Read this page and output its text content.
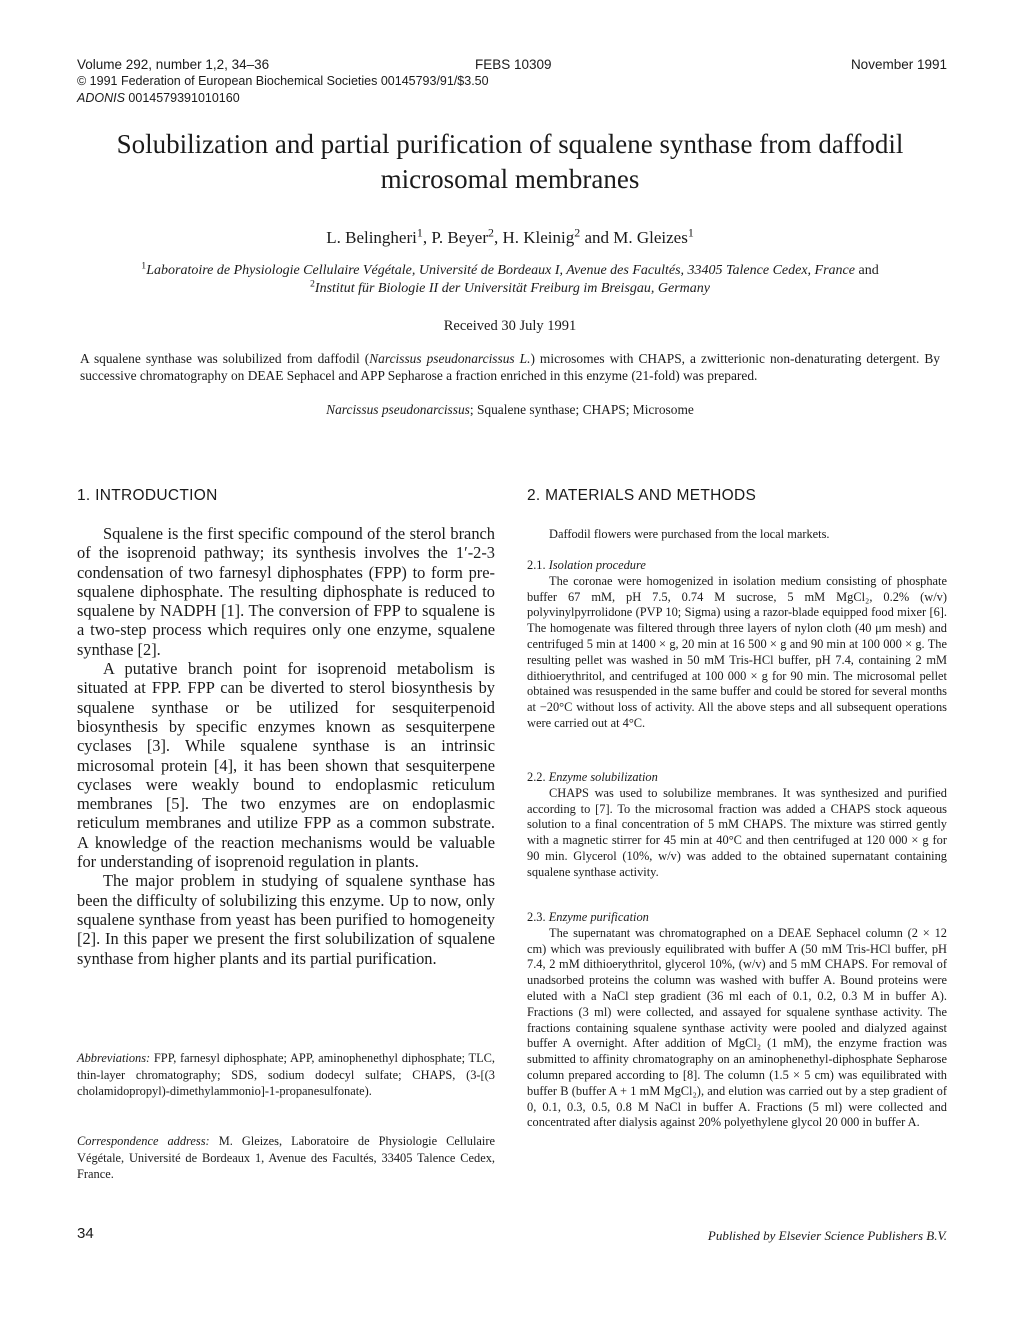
Volume 292, number 1,2, 34–36	FEBS 10309	November 1991
© 1991 Federation of European Biochemical Societies 00145793/91/$3.50
ADONIS 0014579391010160
Solubilization and partial purification of squalene synthase from daffodil microsomal membranes
L. Belingheri$^1$, P. Beyer$^2$, H. Kleinig$^2$ and M. Gleizes$^1$
$^1$Laboratoire de Physiologie Cellulaire Végétale, Université de Bordeaux I, Avenue des Facultés, 33405 Talence Cedex, France and
$^2$Institut für Biologie II der Universität Freiburg im Breisgau, Germany
Received 30 July 1991
A squalene synthase was solubilized from daffodil (Narcissus pseudonarcissus L.) microsomes with CHAPS, a zwitterionic non-denaturating detergent. By successive chromatography on DEAE Sephacel and APP Sepharose a fraction enriched in this enzyme (21-fold) was prepared.
Narcissus pseudonarcissus; Squalene synthase; CHAPS; Microsome
1. INTRODUCTION	2. MATERIALS AND METHODS

Squalene is the first specific compound of the sterol branch of the isoprenoid pathway; its synthesis involves the 1′-2-3 condensation of two farnesyl diphosphates (FPP) to form pre-squalene diphosphate. The resulting diphosphate is reduced to squalene by NADPH [1]. The conversion of FPP to squalene is a two-step process which requires only one enzyme, squalene synthase [2].

A putative branch point for isoprenoid metabolism is situated at FPP. FPP can be diverted to sterol biosynthesis by squalene synthase or be utilized for sesquiterpenoid biosynthesis by specific enzymes known as sesquiterpene cyclases [3]. While squalene synthase is an intrinsic microsomal protein [4], it has been shown that sesquiterpene cyclases were weakly bound to endoplasmic reticulum membranes [5]. The two enzymes are on endoplasmic reticulum membranes and utilize FPP as a common substrate. A knowledge of the reaction mechanisms would be valuable for understanding of isoprenoid regulation in plants.

The major problem in studying of squalene synthase has been the difficulty of solubilizing this enzyme. Up to now, only squalene synthase from yeast has been purified to homogeneity [2]. In this paper we present the first solubilization of squalene synthase from higher plants and its partial purification.

Abbreviations: FPP, farnesyl diphosphate; APP, aminophenethyl diphosphate; TLC, thin-layer chromatography; SDS, sodium dodecyl sulfate; CHAPS, (3-[(3 cholamidopropyl)-dimethylammonio]-1-propanesulfonate).
Correspondence address: M. Gleizes, Laboratoire de Physiologie Cellulaire Végétale, Université de Bordeaux 1, Avenue des Facultés, 33405 Talence Cedex, France.

Daffodil flowers were purchased from the local markets.

2.1. Isolation procedure

The coronae were homogenized in isolation medium consisting of phosphate buffer 67 mM, pH 7.5, 0.74 M sucrose, 5 mM MgCl₂, 0.2% (w/v) polyvinylpyrrolidone (PVP 10; Sigma) using a razor-blade equipped food mixer [6]. The homogenate was filtered through three layers of nylon cloth (40 μm mesh) and centrifuged 5 min at 1400 × g, 20 min at 16 500 × g and 90 min at 100 000 × g. The resulting pellet was washed in 50 mM Tris-HCl buffer, pH 7.4, containing 2 mM dithioerythritol, and centrifuged at 100 000 × g for 90 min. The microsomal pellet obtained was resuspended in the same buffer and could be stored for several months at −20°C without loss of activity. All the above steps and all subsequent operations were carried out at 4°C.

2.2. Enzyme solubilization

CHAPS was used to solubilize membranes. It was synthesized and purified according to [7]. To the microsomal fraction was added a CHAPS stock aqueous solution to a final concentration of 5 mM CHAPS. The mixture was stirred gently with a magnetic stirrer for 45 min at 40°C and then centrifuged at 120 000 × g for 90 min. Glycerol (10%, w/v) was added to the obtained supernatant containing squalene synthase activity.

2.3. Enzyme purification

The supernatant was chromatographed on a DEAE Sephacel column (2 × 12 cm) which was previously equilibrated with buffer A (50 mM Tris-HCl buffer, pH 7.4, 2 mM dithioerythritol, glycerol 10%, (w/v) and 5 mM CHAPS. For removal of unadsorbed proteins the column was washed with buffer A. Bound proteins were eluted with a NaCl step gradient (36 ml each of 0.1, 0.2, 0.3 M in buffer A). Fractions (3 ml) were collected, and assayed for squalene synthase activity. The fractions containing squalene synthase activity were pooled and dialyzed against buffer A overnight. After addition of MgCl₂ (1 mM), the enzyme fraction was submitted to affinity chromatography on an aminophenethyl-diphosphate Sepharose column prepared according to [8]. The column (1.5 × 5 cm) was equilibrated with buffer B (buffer A + 1 mM MgCl₂), and elution was carried out by a step gradient of 0, 0.1, 0.3, 0.5, 0.8 M NaCl in buffer A. Fractions (5 ml) were collected and concentrated after dialysis against 20% polyethylene glycol 20 000 in buffer A.

34	Published by Elsevier Science Publishers B.V.
